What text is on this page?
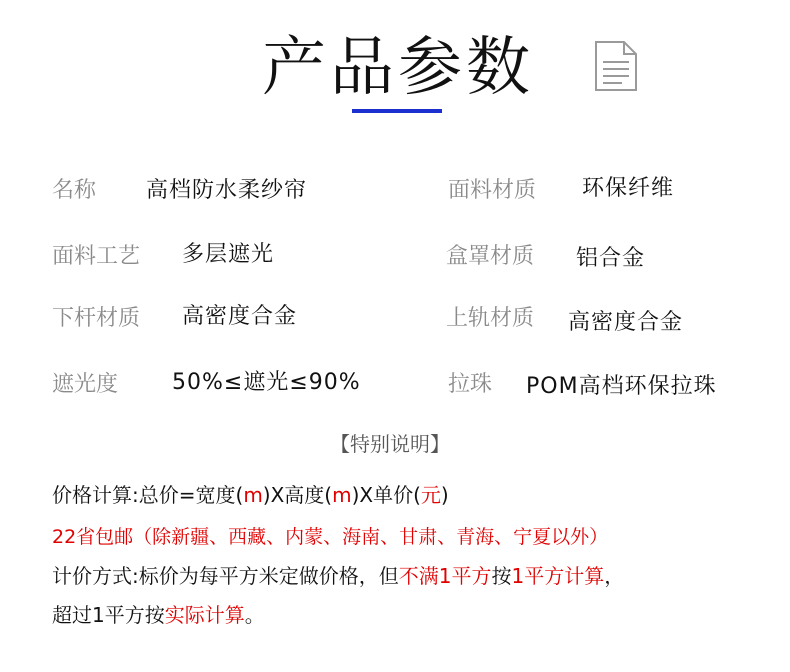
产品参数
名称 高档防水柔纱帘	面料材质 环保纤维
面料工艺 多层遮光	盒罩材质 铝合金
下杆材质 高密度合金	上轨材质 高密度合金
遮光度 50%≤遮光≤90%	拉珠 POM高档环保拉珠
【特别说明】
价格计算:总价=宽度(m)X高度(m)X单价(元)
22省包邮（除新疆、西藏、内蒙、海南、甘肃、青海、宁夏以外）
计价方式:标价为每平方米定做价格，但不满1平方按1平方计算，
超过1平方按实际计算。
